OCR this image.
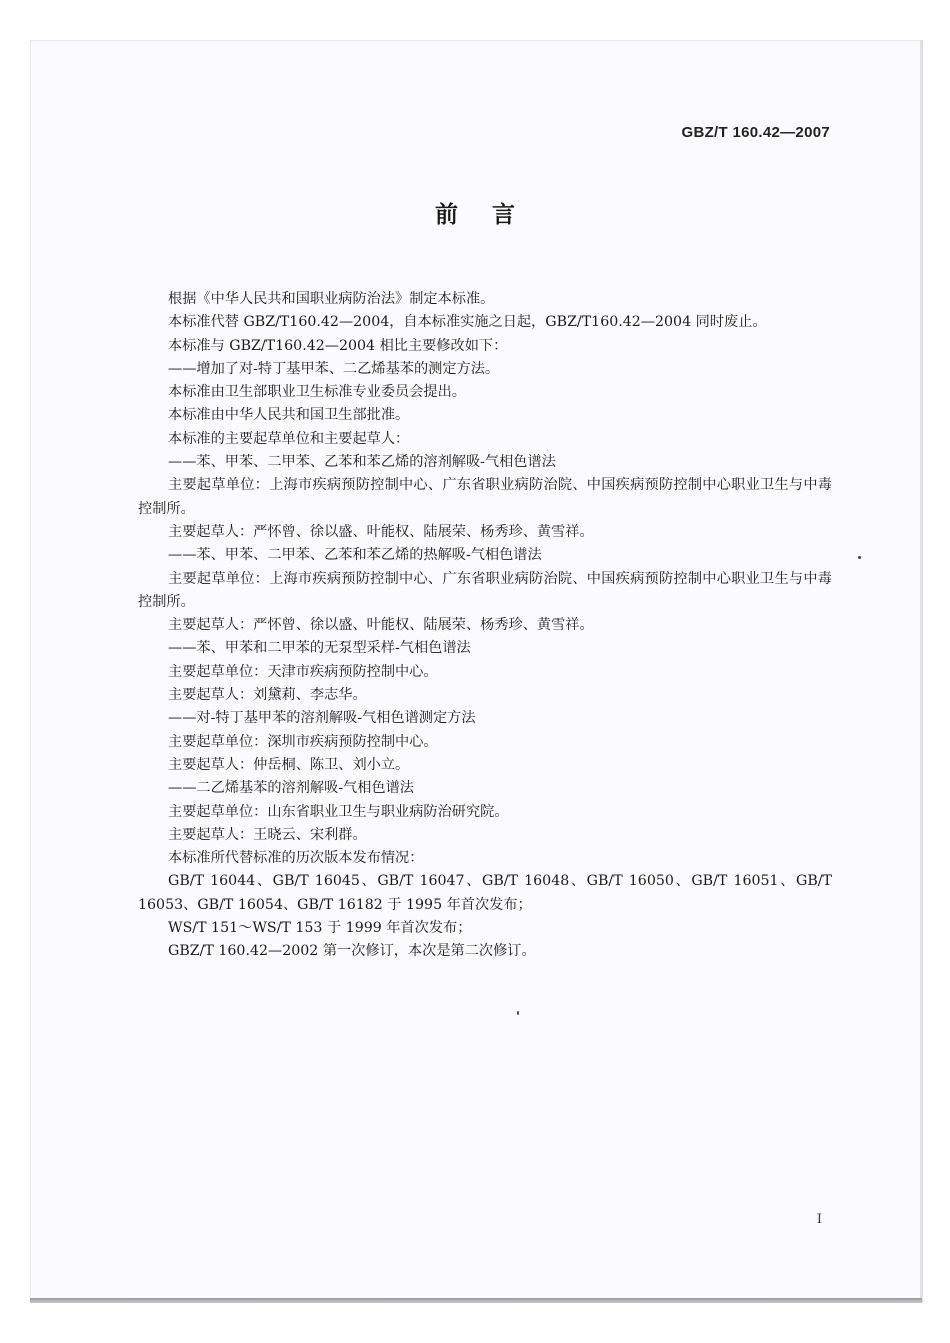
GBZ/T 160.42—2007
前言

根据《中华人民共和国职业病防治法》制定本标准。

本标准代替 GBZ/T160.42—2004，自本标准实施之日起，GBZ/T160.42—2004 同时废止。

本标准与 GBZ/T160.42—2004 相比主要修改如下：

——增加了对-特丁基甲苯、二乙烯基苯的测定方法。

本标准由卫生部职业卫生标准专业委员会提出。

本标准由中华人民共和国卫生部批准。

本标准的主要起草单位和主要起草人：

——苯、甲苯、二甲苯、乙苯和苯乙烯的溶剂解吸-气相色谱法

主要起草单位：上海市疾病预防控制中心、广东省职业病防治院、中国疾病预防控制中心职业卫生与中毒控制所。

主要起草人：严怀曾、徐以盛、叶能权、陆展荣、杨秀珍、黄雪祥。

——苯、甲苯、二甲苯、乙苯和苯乙烯的热解吸-气相色谱法

主要起草单位：上海市疾病预防控制中心、广东省职业病防治院、中国疾病预防控制中心职业卫生与中毒控制所。

主要起草人：严怀曾、徐以盛、叶能权、陆展荣、杨秀珍、黄雪祥。

——苯、甲苯和二甲苯的无泵型采样-气相色谱法

主要起草单位：天津市疾病预防控制中心。

主要起草人：刘黛莉、李志华。

——对-特丁基甲苯的溶剂解吸-气相色谱测定方法

主要起草单位：深圳市疾病预防控制中心。

主要起草人：仲岳桐、陈卫、刘小立。

——二乙烯基苯的溶剂解吸-气相色谱法

主要起草单位：山东省职业卫生与职业病防治研究院。

主要起草人：王晓云、宋利群。

本标准所代替标准的历次版本发布情况：

GB/T 16044、GB/T 16045、GB/T 16047、GB/T 16048、GB/T 16050、GB/T 16051、GB/T 16053、GB/T 16054、GB/T 16182 于 1995 年首次发布；

WS/T 151～WS/T 153 于 1999 年首次发布；

GBZ/T 160.42—2002 第一次修订，本次是第二次修订。

I
